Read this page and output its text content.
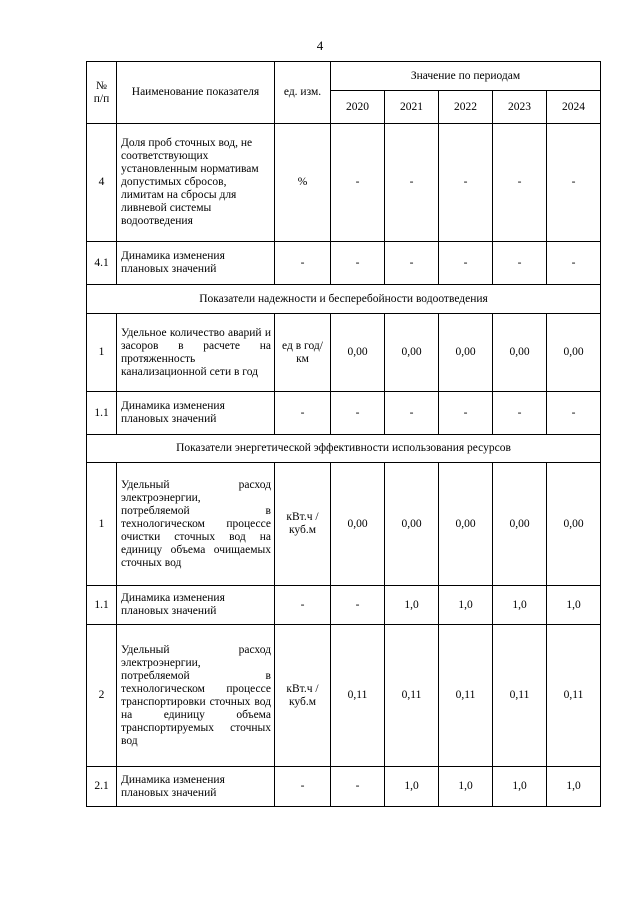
4
№ п/п	Наименование показателя	ед. изм.	Значение по периодам				
			2020	2021	2022	2023	2024
4	Доля проб сточных вод, не соответствующих установленным нормативам допустимых сбросов, лимитам на сбросы для ливневой системы водоотведения	%	-	-	-	-	-
4.1	Динамика изменения плановых значений	-	-	-	-	-	-
Показатели надежности и бесперебойности водоотведения							
1	Удельное количество аварий и засоров в расчете на протяженность канализационной сети в год	ед в год/ км	0,00	0,00	0,00	0,00	0,00
1.1	Динамика изменения плановых значений	-	-	-	-	-	-
Показатели энергетической эффективности использования ресурсов							
1	Удельный расход электроэнергии, потребляемой в технологическом процессе очистки сточных вод на единицу объема очищаемых сточных вод	кВт.ч / куб.м	0,00	0,00	0,00	0,00	0,00
1.1	Динамика изменения плановых значений	-	-	1,0	1,0	1,0	1,0
2	Удельный расход электроэнергии, потребляемой в технологическом процессе транспортировки сточных вод на единицу объема транспортируемых сточных вод	кВт.ч / куб.м	0,11	0,11	0,11	0,11	0,11
2.1	Динамика изменения плановых значений	-	-	1,0	1,0	1,0	1,0
